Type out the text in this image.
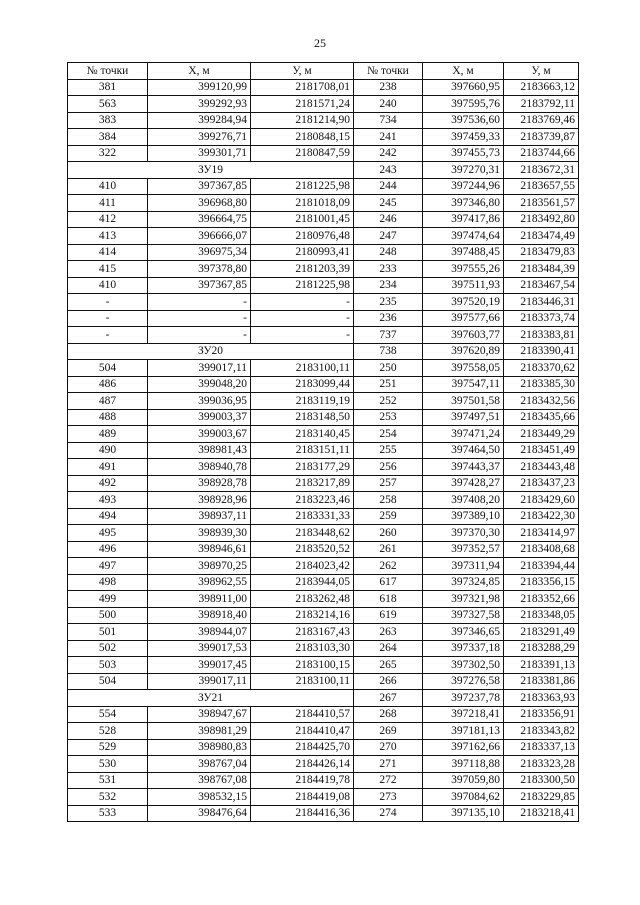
25
№ точки	X, м	У, м	№ точки	X, м	У, м
381	399120,99	2181708,01	238	397660,95	2183663,12
563	399292,93	2181571,24	240	397595,76	2183792,11
383	399284,94	2181214,90	734	397536,60	2183769,46
384	399276,71	2180848,15	241	397459,33	2183739,87
322	399301,71	2180847,59	242	397455,73	2183744,66
ЗУ19			243	397270,31	2183672,31
410	397367,85	2181225,98	244	397244,96	2183657,55
411	396968,80	2181018,09	245	397346,80	2183561,57
412	396664,75	2181001,45	246	397417,86	2183492,80
413	396666,07	2180976,48	247	397474,64	2183474,49
414	396975,34	2180993,41	248	397488,45	2183479,83
415	397378,80	2181203,39	233	397555,26	2183484,39
410	397367,85	2181225,98	234	397511,93	2183467,54
-	-	-	235	397520,19	2183446,31
-	-	-	236	397577,66	2183373,74
-	-	-	737	397603,77	2183383,81
ЗУ20			738	397620,89	2183390,41
504	399017,11	2183100,11	250	397558,05	2183370,62
486	399048,20	2183099,44	251	397547,11	2183385,30
487	399036,95	2183119,19	252	397501,58	2183432,56
488	399003,37	2183148,50	253	397497,51	2183435,66
489	399003,67	2183140,45	254	397471,24	2183449,29
490	398981,43	2183151,11	255	397464,50	2183451,49
491	398940,78	2183177,29	256	397443,37	2183443,48
492	398928,78	2183217,89	257	397428,27	2183437,23
493	398928,96	2183223,46	258	397408,20	2183429,60
494	398937,11	2183331,33	259	397389,10	2183422,30
495	398939,30	2183448,62	260	397370,30	2183414,97
496	398946,61	2183520,52	261	397352,57	2183408,68
497	398970,25	2184023,42	262	397311,94	2183394,44
498	398962,55	2183944,05	617	397324,85	2183356,15
499	398911,00	2183262,48	618	397321,98	2183352,66
500	398918,40	2183214,16	619	397327,58	2183348,05
501	398944,07	2183167,43	263	397346,65	2183291,49
502	399017,53	2183103,30	264	397337,18	2183288,29
503	399017,45	2183100,15	265	397302,50	2183391,13
504	399017,11	2183100,11	266	397276,58	2183381,86
ЗУ21			267	397237,78	2183363,93
554	398947,67	2184410,57	268	397218,41	2183356,91
528	398981,29	2184410,47	269	397181,13	2183343,82
529	398980,83	2184425,70	270	397162,66	2183337,13
530	398767,04	2184426,14	271	397118,88	2183323,28
531	398767,08	2184419,78	272	397059,80	2183300,50
532	398532,15	2184419,08	273	397084,62	2183229,85
533	398476,64	2184416,36	274	397135,10	2183218,41
